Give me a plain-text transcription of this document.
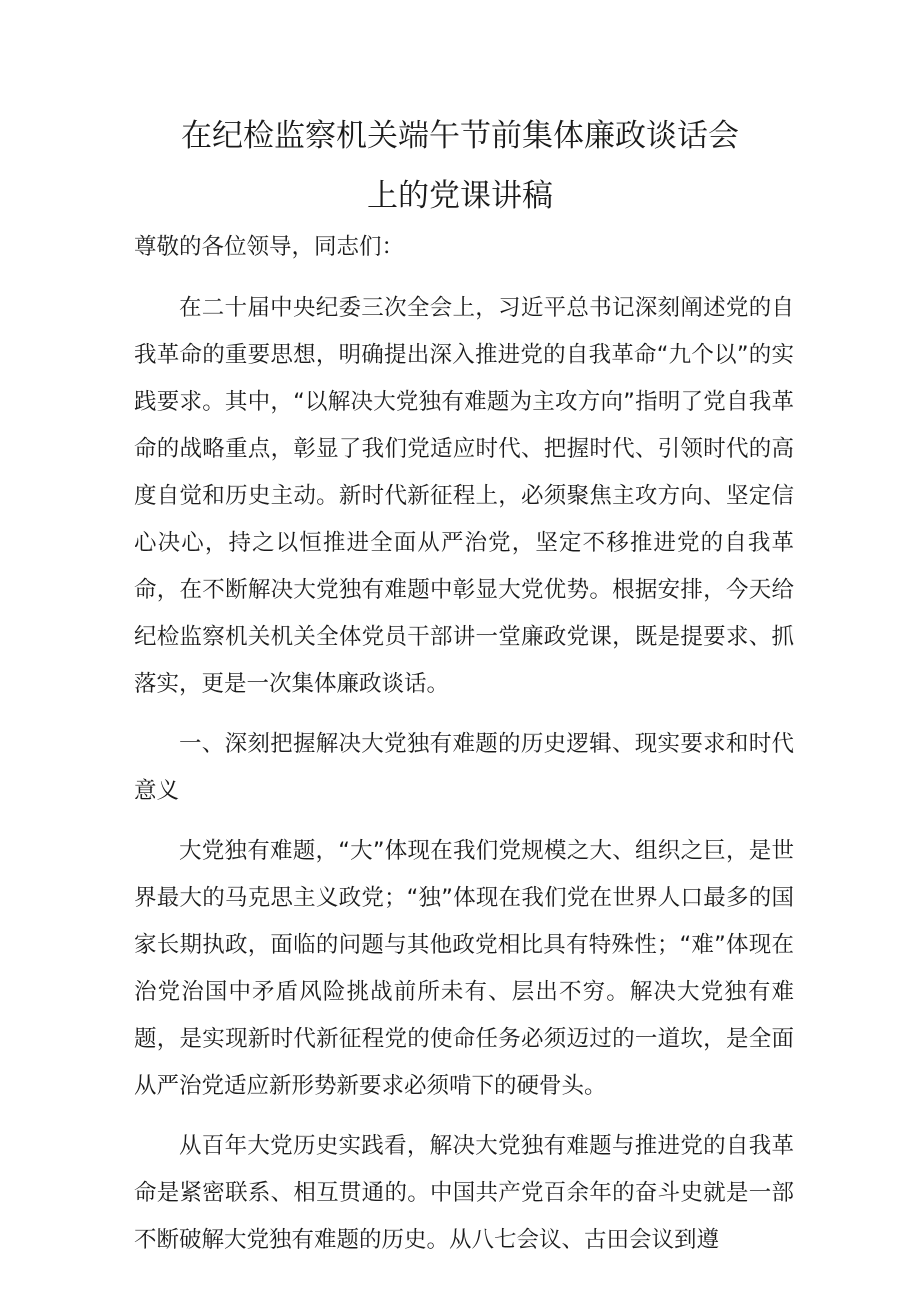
在纪检监察机关端午节前集体廉政谈话会
上的党课讲稿

尊敬的各位领导，同志们：

在二十届中央纪委三次全会上，习近平总书记深刻阐述党的自我革命的重要思想，明确提出深入推进党的自我革命“九个以”的实践要求。其中，“以解决大党独有难题为主攻方向”指明了党自我革命的战略重点，彰显了我们党适应时代、把握时代、引领时代的高度自觉和历史主动。新时代新征程上，必须聚焦主攻方向、坚定信心决心，持之以恒推进全面从严治党，坚定不移推进党的自我革命，在不断解决大党独有难题中彰显大党优势。根据安排，今天给纪检监察机关机关全体党员干部讲一堂廉政党课，既是提要求、抓落实，更是一次集体廉政谈话。

一、深刻把握解决大党独有难题的历史逻辑、现实要求和时代意义

大党独有难题，“大”体现在我们党规模之大、组织之巨，是世界最大的马克思主义政党；“独”体现在我们党在世界人口最多的国家长期执政，面临的问题与其他政党相比具有特殊性；“难”体现在治党治国中矛盾风险挑战前所未有、层出不穷。解决大党独有难题，是实现新时代新征程党的使命任务必须迈过的一道坎，是全面从严治党适应新形势新要求必须啃下的硬骨头。

从百年大党历史实践看，解决大党独有难题与推进党的自我革命是紧密联系、相互贯通的。中国共产党百余年的奋斗史就是一部不断破解大党独有难题的历史。从八七会议、古田会议到遵
